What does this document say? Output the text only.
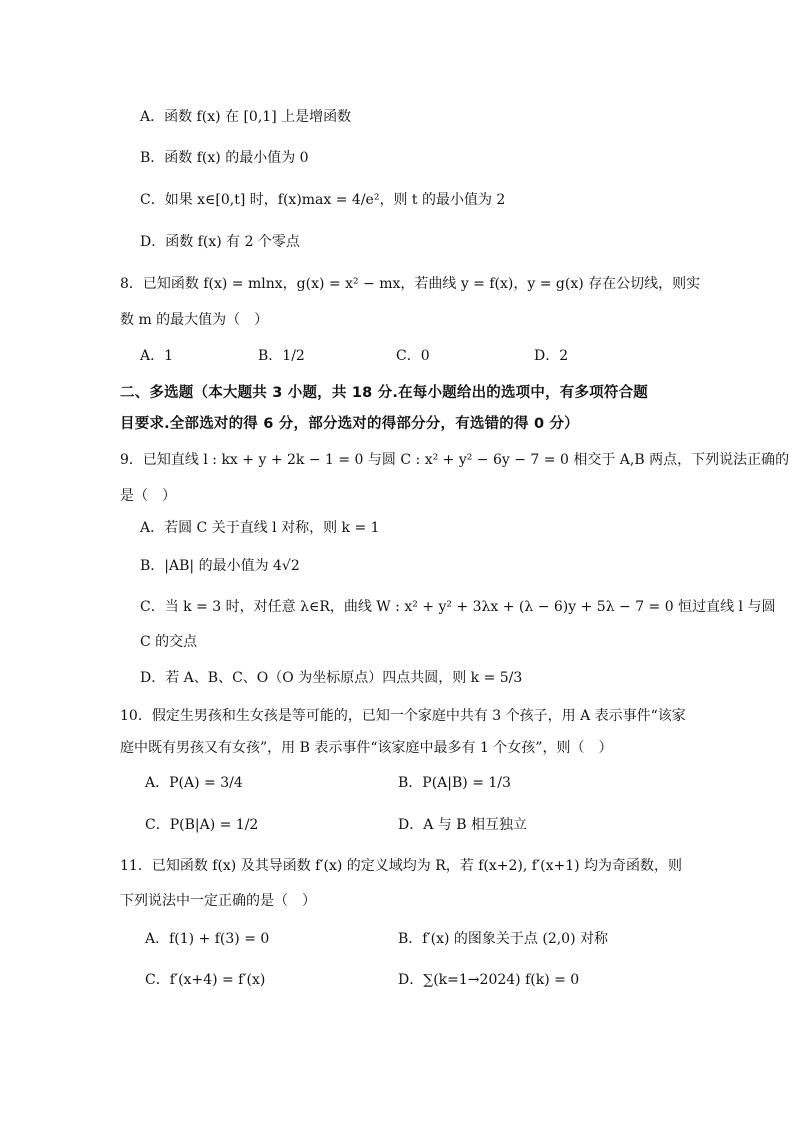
A．函数 f(x) 在 [0,1] 上是增函数
B．函数 f(x) 的最小值为 0
C．如果 x∈[0,t] 时，f(x)max = 4/e²，则 t 的最小值为 2
D．函数 f(x) 有 2 个零点
8．已知函数 f(x) = mlnx，g(x) = x² − mx，若曲线 y = f(x)，y = g(x) 存在公切线，则实
数 m 的最大值为（　）
A．1	B．1/2	C．0	D．2
二、多选题（本大题共 3 小题，共 18 分.在每小题给出的选项中，有多项符合题
目要求.全部选对的得 6 分，部分选对的得部分分，有选错的得 0 分）
9．已知直线 l : kx + y + 2k − 1 = 0 与圆 C : x² + y² − 6y − 7 = 0 相交于 A,B 两点，下列说法正确的
是（　）
A．若圆 C 关于直线 l 对称，则 k = 1
B．|AB| 的最小值为 4√2
C．当 k = 3 时，对任意 λ∈R，曲线 W : x² + y² + 3λx + (λ − 6)y + 5λ − 7 = 0 恒过直线 l 与圆
C 的交点
D．若 A、B、C、O（O 为坐标原点）四点共圆，则 k = 5/3
10．假定生男孩和生女孩是等可能的，已知一个家庭中共有 3 个孩子，用 A 表示事件“该家
庭中既有男孩又有女孩”，用 B 表示事件“该家庭中最多有 1 个女孩”，则（　）
A．P(A) = 3/4	B．P(A|B) = 1/3
C．P(B|A) = 1/2	D．A 与 B 相互独立
11．已知函数 f(x) 及其导函数 f′(x) 的定义域均为 R，若 f(x+2), f′(x+1) 均为奇函数，则
下列说法中一定正确的是（　）
A．f(1) + f(3) = 0	B．f′(x) 的图象关于点 (2,0) 对称
C．f′(x+4) = f′(x)	D．∑(k=1→2024) f(k) = 0
